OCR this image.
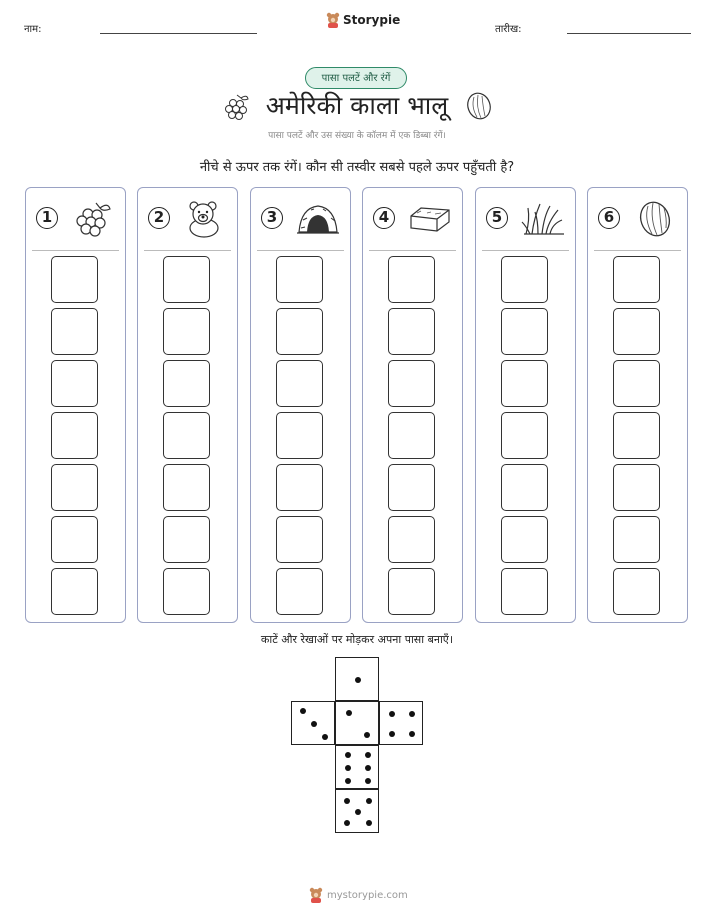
नाम:
Storypie
तारीख:
पासा पलटें और रंगें
अमेरिकी काला भालू
पासा पलटें और उस संख्या के कॉलम में एक डिब्बा रंगें।
नीचे से ऊपर तक रंगें। कौन सी तस्वीर सबसे पहले ऊपर पहुँचती है?
1	2	3	4	5	6
काटें और रेखाओं पर मोड़कर अपना पासा बनाएँ।
mystorypie.com
